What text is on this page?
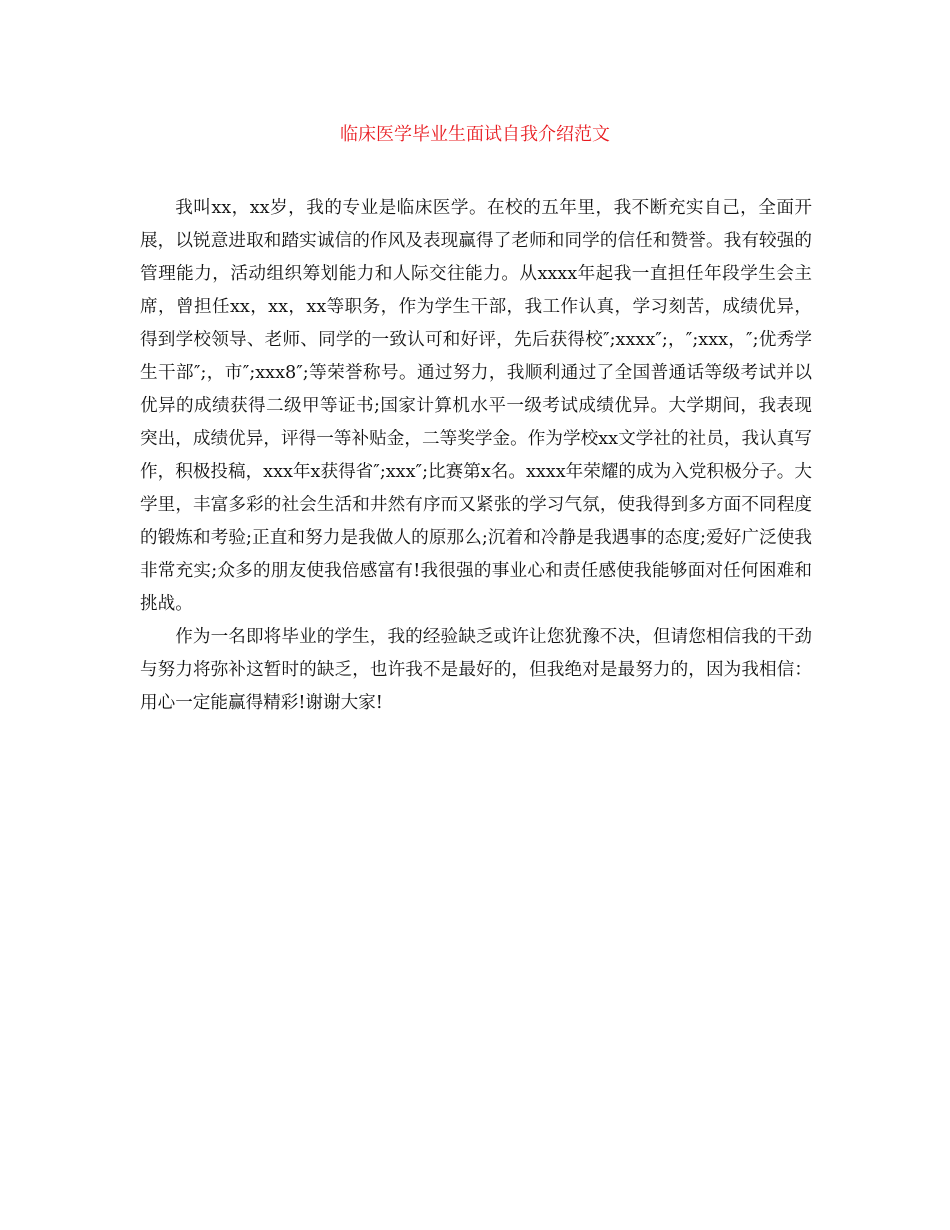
临床医学毕业生面试自我介绍范文

我叫xx，xx岁，我的专业是临床医学。在校的五年里，我不断充实自己，全面开展，以锐意进取和踏实诚信的作风及表现赢得了老师和同学的信任和赞誉。我有较强的管理能力，活动组织筹划能力和人际交往能力。从xxxx年起我一直担任年段学生会主席，曾担任xx，xx，xx等职务，作为学生干部，我工作认真，学习刻苦，成绩优异，得到学校领导、老师、同学的一致认可和好评，先后获得校″;xxxx″;，″;xxx，″;优秀学生干部″;，市″;xxx8″;等荣誉称号。通过努力，我顺利通过了全国普通话等级考试并以优异的成绩获得二级甲等证书;国家计算机水平一级考试成绩优异。大学期间，我表现突出，成绩优异，评得一等补贴金，二等奖学金。作为学校xx文学社的社员，我认真写作，积极投稿，xxx年x获得省″;xxx″;比赛第x名。xxxx年荣耀的成为入党积极分子。大学里，丰富多彩的社会生活和井然有序而又紧张的学习气氛，使我得到多方面不同程度的锻炼和考验;正直和努力是我做人的原那么;沉着和冷静是我遇事的态度;爱好广泛使我非常充实;众多的朋友使我倍感富有!我很强的事业心和责任感使我能够面对任何困难和挑战。

作为一名即将毕业的学生，我的经验缺乏或许让您犹豫不决，但请您相信我的干劲与努力将弥补这暂时的缺乏，也许我不是最好的，但我绝对是最努力的，因为我相信：用心一定能赢得精彩!谢谢大家!
